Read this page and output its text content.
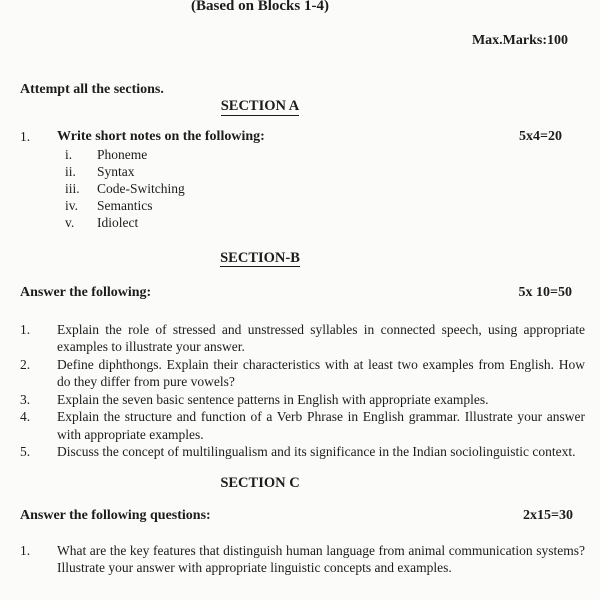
(Based on Blocks 1-4)
Max.Marks:100
Attempt all the sections.
SECTION A
1.	Write short notes on the following:	5x4=20
i. Phoneme
ii. Syntax
iii. Code-Switching
iv. Semantics
v. Idiolect
SECTION-B
Answer the following:	5x 10=50
1.	Explain the role of stressed and unstressed syllables in connected speech, using appropriate examples to illustrate your answer.
2.	Define diphthongs. Explain their characteristics with at least two examples from English. How do they differ from pure vowels?
3.	Explain the seven basic sentence patterns in English with appropriate examples.
4.	Explain the structure and function of a Verb Phrase in English grammar. Illustrate your answer with appropriate examples.
5.	Discuss the concept of multilingualism and its significance in the Indian sociolinguistic context.
SECTION C
Answer the following questions:	2x15=30
1.	What are the key features that distinguish human language from animal communication systems? Illustrate your answer with appropriate linguistic concepts and examples.
